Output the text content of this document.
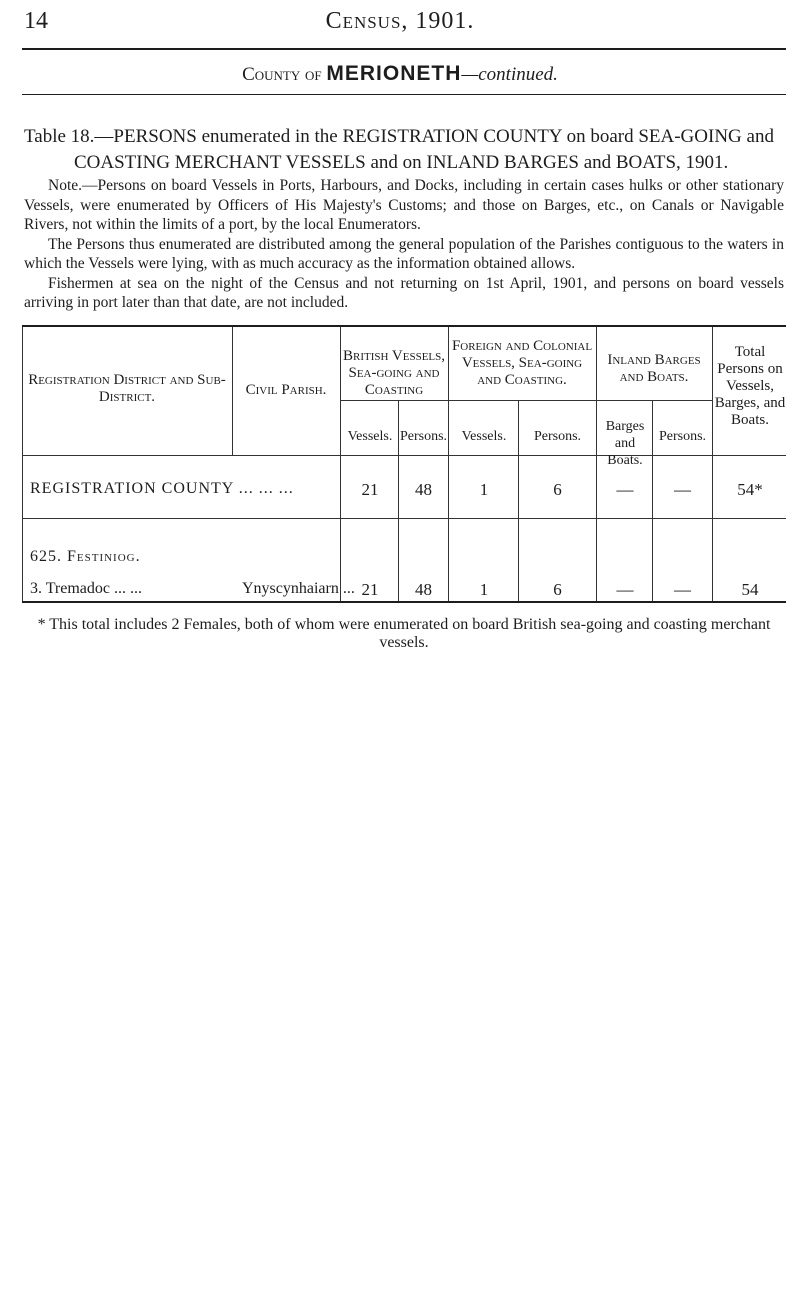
14	Census, 1901.
County of MERIONETH—continued.
Table 18.—PERSONS enumerated in the REGISTRATION COUNTY on board SEA-GOING and
COASTING MERCHANT VESSELS and on INLAND BARGES and BOATS, 1901.

Note.—Persons on board Vessels in Ports, Harbours, and Docks, including in certain cases hulks or other stationary Vessels, were enumerated by Officers of His Majesty's Customs; and those on Barges, etc., on Canals or Navigable Rivers, not within the limits of a port, by the local Enumerators.

The Persons thus enumerated are distributed among the general population of the Parishes contiguous to the waters in which the Vessels were lying, with as much accuracy as the information obtained allows.

Fishermen at sea on the night of the Census and not returning on 1st April, 1901, and persons on board vessels arriving in port later than that date, are not included.

Registration District and Sub-District.	Civil Parish.
British Vessels, Sea-going and Coasting
Foreign and Colonial Vessels, Sea-going and Coasting.
Inland Barges and Boats.
Total Persons on Vessels, Barges, and Boats.
Vessels. Persons.	Vessels.	Persons.
Barges and Boats.
Persons.
REGISTRATION COUNTY ... ... ...	21	48	1	6	—	—	54*
625. Festiniog.
3. Tremadoc ... ...	Ynyscynhaiarn ... 21	48	1	6	—	—	54
* This total includes 2 Females, both of whom were enumerated on board British sea-going and coasting merchant vessels.
